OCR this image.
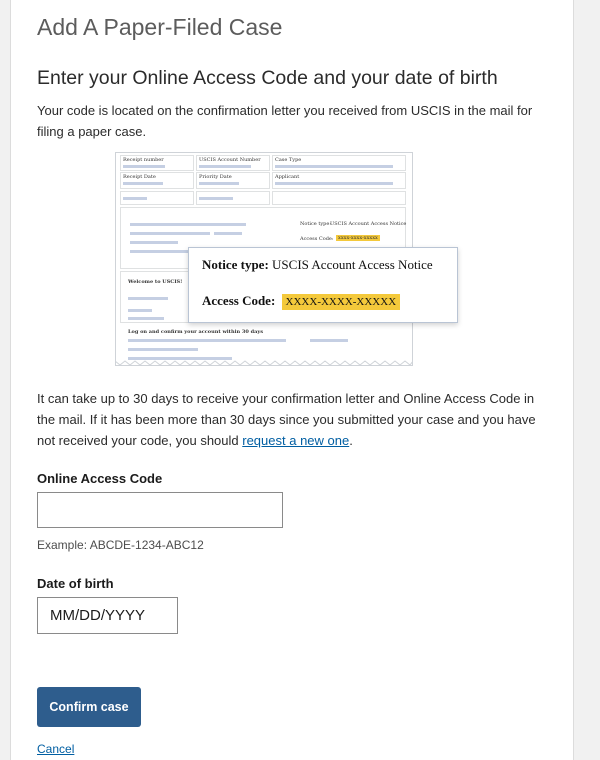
Add A Paper-Filed Case
Enter your Online Access Code and your date of birth

Your code is located on the confirmation letter you received from USCIS in the mail for filing a paper case.

Receipt number	USCIS Account Number	Case Type
Receipt Date	Priority Date	Applicant
Notice type:
USCIS Account Access Notice
Access Code: xxxx-xxxx-xxxxx
Welcome to USCIS!
Log on and confirm your account within 30 days
Notice type: USCIS Account Access Notice
Access Code: XXXX-XXXX-XXXXX

It can take up to 30 days to receive your confirmation letter and Online Access Code in the mail. If it has been more than 30 days since you submitted your case and you have not received your code, you should request a new one.

Online Access Code
Example: ABCDE-1234-ABC12
Date of birth
MM/DD/YYYY
Confirm case
Cancel
